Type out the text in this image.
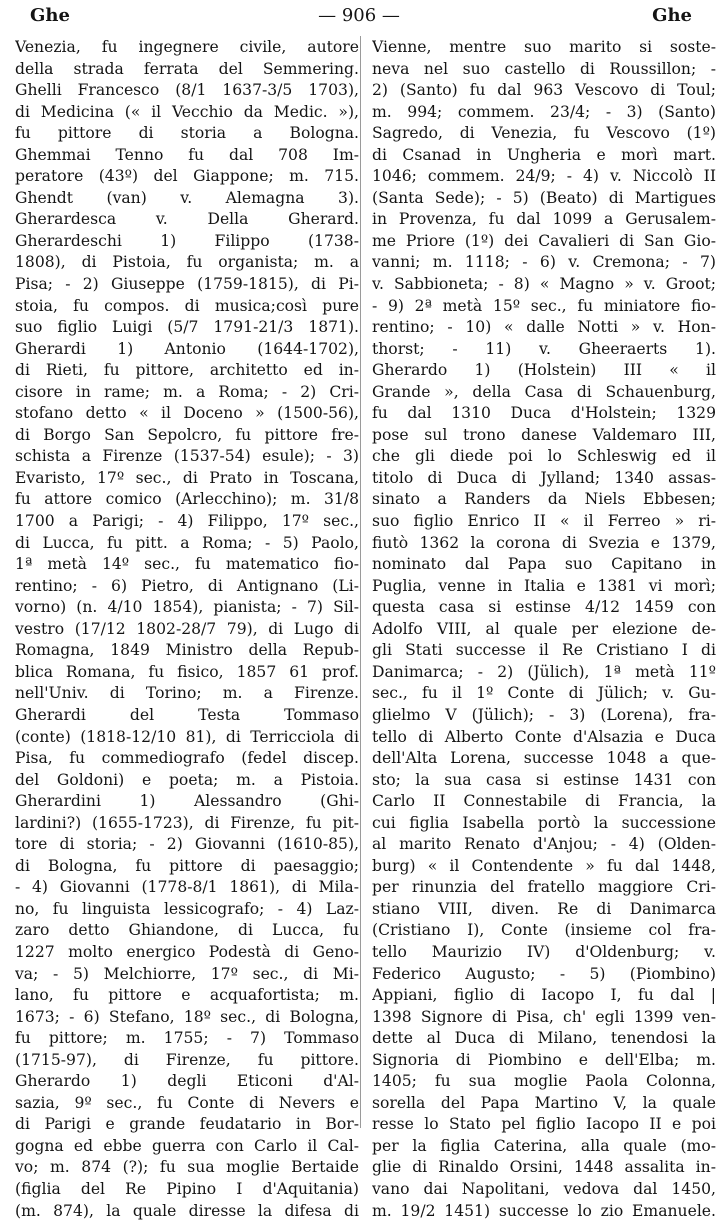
Ghe	— 906 —	Ghe
Venezia, fu ingegnere civile, autore
della strada ferrata del Semmering.
Ghelli Francesco (8/1 1637-3/5 1703),
di Medicina (« il Vecchio da Medic. »),
fu pittore di storia a Bologna.
Ghemmai Tenno fu dal 708 Im-
peratore (43º) del Giappone; m. 715.
Ghendt (van) v. Alemagna 3).
Gherardesca v. Della Gherard.
Gherardeschi 1) Filippo (1738-
1808), di Pistoia, fu organista; m. a
Pisa; - 2) Giuseppe (1759-1815), di Pi-
stoia, fu compos. di musica;così pure
suo figlio Luigi (5/7 1791-21/3 1871).
Gherardi 1) Antonio (1644-1702),
di Rieti, fu pittore, architetto ed in-
cisore in rame; m. a Roma; - 2) Cri-
stofano detto « il Doceno » (1500-56),
di Borgo San Sepolcro, fu pittore fre-
schista a Firenze (1537-54) esule); - 3)
Evaristo, 17º sec., di Prato in Toscana,
fu attore comico (Arlecchino); m. 31/8
1700 a Parigi; - 4) Filippo, 17º sec.,
di Lucca, fu pitt. a Roma; - 5) Paolo,
1ª metà 14º sec., fu matematico fio-
rentino; - 6) Pietro, di Antignano (Li-
vorno) (n. 4/10 1854), pianista; - 7) Sil-
vestro (17/12 1802-28/7 79), di Lugo di
Romagna, 1849 Ministro della Repub-
blica Romana, fu fisico, 1857 61 prof.
nell'Univ. di Torino; m. a Firenze.
Gherardi del Testa Tommaso
(conte) (1818-12/10 81), di Terricciola di
Pisa, fu commediografo (fedel discep.
del Goldoni) e poeta; m. a Pistoia.
Gherardini 1) Alessandro (Ghi-
lardini?) (1655-1723), di Firenze, fu pit-
tore di storia; - 2) Giovanni (1610-85),
di Bologna, fu pittore di paesaggio;
- 4) Giovanni (1778-8/1 1861), di Mila-
no, fu linguista lessicografo; - 4) Laz-
zaro detto Ghiandone, di Lucca, fu
1227 molto energico Podestà di Geno-
va; - 5) Melchiorre, 17º sec., di Mi-
lano, fu pittore e acquafortista; m.
1673; - 6) Stefano, 18º sec., di Bologna,
fu pittore; m. 1755; - 7) Tommaso
(1715-97), di Firenze, fu pittore.
Gherardo 1) degli Eticoni d'Al-
sazia, 9º sec., fu Conte di Nevers e
di Parigi e grande feudatario in Bor-
gogna ed ebbe guerra con Carlo il Cal-
vo; m. 874 (?); fu sua moglie Bertaide
(figlia del Re Pipino I d'Aquitania)
(m. 874), la quale diresse la difesa di
Vienne, mentre suo marito si soste-
neva nel suo castello di Roussillon; -
2) (Santo) fu dal 963 Vescovo di Toul;
m. 994; commem. 23/4; - 3) (Santo)
Sagredo, di Venezia, fu Vescovo (1º)
di Csanad in Ungheria e morì mart.
1046; commem. 24/9; - 4) v. Niccolò II
(Santa Sede); - 5) (Beato) di Martigues
in Provenza, fu dal 1099 a Gerusalem-
me Priore (1º) dei Cavalieri di San Gio-
vanni; m. 1118; - 6) v. Cremona; - 7)
v. Sabbioneta; - 8) « Magno » v. Groot;
- 9) 2ª metà 15º sec., fu miniatore fio-
rentino; - 10) « dalle Notti » v. Hon-
thorst; - 11) v. Gheeraerts 1).
Gherardo 1) (Holstein) III « il
Grande », della Casa di Schauenburg,
fu dal 1310 Duca d'Holstein; 1329
pose sul trono danese Valdemaro III,
che gli diede poi lo Schleswig ed il
titolo di Duca di Jylland; 1340 assas-
sinato a Randers da Niels Ebbesen;
suo figlio Enrico II « il Ferreo » ri-
fiutò 1362 la corona di Svezia e 1379,
nominato dal Papa suo Capitano in
Puglia, venne in Italia e 1381 vi morì;
questa casa si estinse 4/12 1459 con
Adolfo VIII, al quale per elezione de-
gli Stati successe il Re Cristiano I di
Danimarca; - 2) (Jülich), 1ª metà 11º
sec., fu il 1º Conte di Jülich; v. Gu-
glielmo V (Jülich); - 3) (Lorena), fra-
tello di Alberto Conte d'Alsazia e Duca
dell'Alta Lorena, successe 1048 a que-
sto; la sua casa si estinse 1431 con
Carlo II Connestabile di Francia, la
cui figlia Isabella portò la successione
al marito Renato d'Anjou; - 4) (Olden-
burg) « il Contendente » fu dal 1448,
per rinunzia del fratello maggiore Cri-
stiano VIII, diven. Re di Danimarca
(Cristiano I), Conte (insieme col fra-
tello Maurizio IV) d'Oldenburg; v.
Federico Augusto; - 5) (Piombino)
Appiani, figlio di Iacopo I, fu dal |
1398 Signore di Pisa, ch' egli 1399 ven-
dette al Duca di Milano, tenendosi la
Signoria di Piombino e dell'Elba; m.
1405; fu sua moglie Paola Colonna,
sorella del Papa Martino V, la quale
resse lo Stato pel figlio Iacopo II e poi
per la figlia Caterina, alla quale (mo-
glie di Rinaldo Orsini, 1448 assalita in-
vano dai Napolitani, vedova dal 1450,
m. 19/2 1451) successe lo zio Emanuele.
